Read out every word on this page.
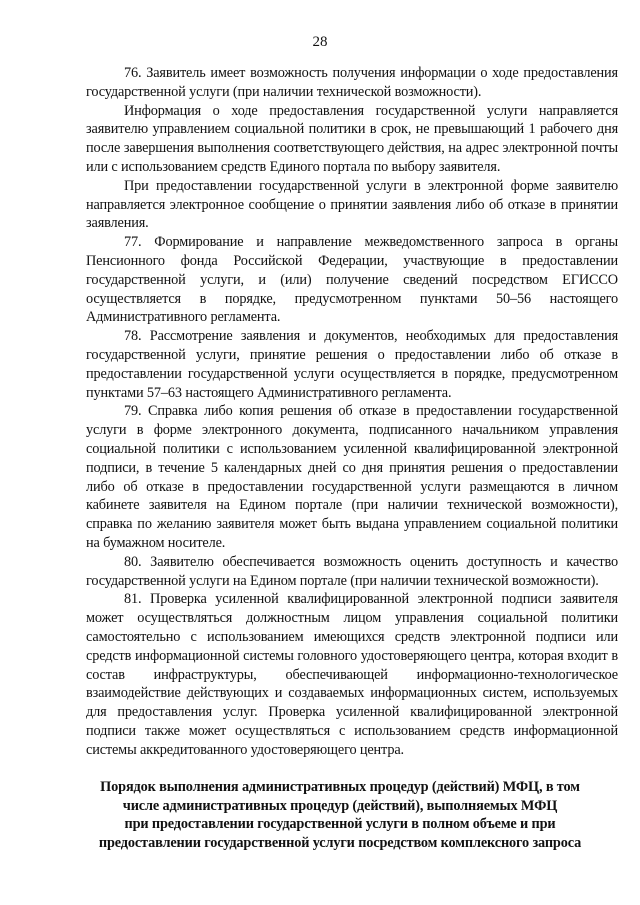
28

76. Заявитель имеет возможность получения информации о ходе предоставления государственной услуги (при наличии технической возможности).

Информация о ходе предоставления государственной услуги направляется заявителю управлением социальной политики в срок, не превышающий 1 рабочего дня после завершения выполнения соответствующего действия, на адрес электронной почты или с использованием средств Единого портала по выбору заявителя.

При предоставлении государственной услуги в электронной форме заявителю направляется электронное сообщение о принятии заявления либо об отказе в принятии заявления.

77. Формирование и направление межведомственного запроса в органы Пенсионного фонда Российской Федерации, участвующие в предоставлении государственной услуги, и (или) получение сведений посредством ЕГИССО осуществляется в порядке, предусмотренном пунктами 50–56 настоящего Административного регламента.

78. Рассмотрение заявления и документов, необходимых для предоставления государственной услуги, принятие решения о предоставлении либо об отказе в предоставлении государственной услуги осуществляется в порядке, предусмотренном пунктами 57–63 настоящего Административного регламента.

79. Справка либо копия решения об отказе в предоставлении государственной услуги в форме электронного документа, подписанного начальником управления социальной политики с использованием усиленной квалифицированной электронной подписи, в течение 5 календарных дней со дня принятия решения о предоставлении либо об отказе в предоставлении государственной услуги размещаются в личном кабинете заявителя на Едином портале (при наличии технической возможности), справка по желанию заявителя может быть выдана управлением социальной политики на бумажном носителе.

80. Заявителю обеспечивается возможность оценить доступность и качество государственной услуги на Едином портале (при наличии технической возможности).

81. Проверка усиленной квалифицированной электронной подписи заявителя может осуществляться должностным лицом управления социальной политики самостоятельно с использованием имеющихся средств электронной подписи или средств информационной системы головного удостоверяющего центра, которая входит в состав инфраструктуры, обеспечивающей информационно-технологическое взаимодействие действующих и создаваемых информационных систем, используемых для предоставления услуг. Проверка усиленной квалифицированной электронной подписи также может осуществляться с использованием средств информационной системы аккредитованного удостоверяющего центра.

Порядок выполнения административных процедур (действий) МФЦ, в том
числе административных процедур (действий), выполняемых МФЦ
при предоставлении государственной услуги в полном объеме и при
предоставлении государственной услуги посредством комплексного запроса
